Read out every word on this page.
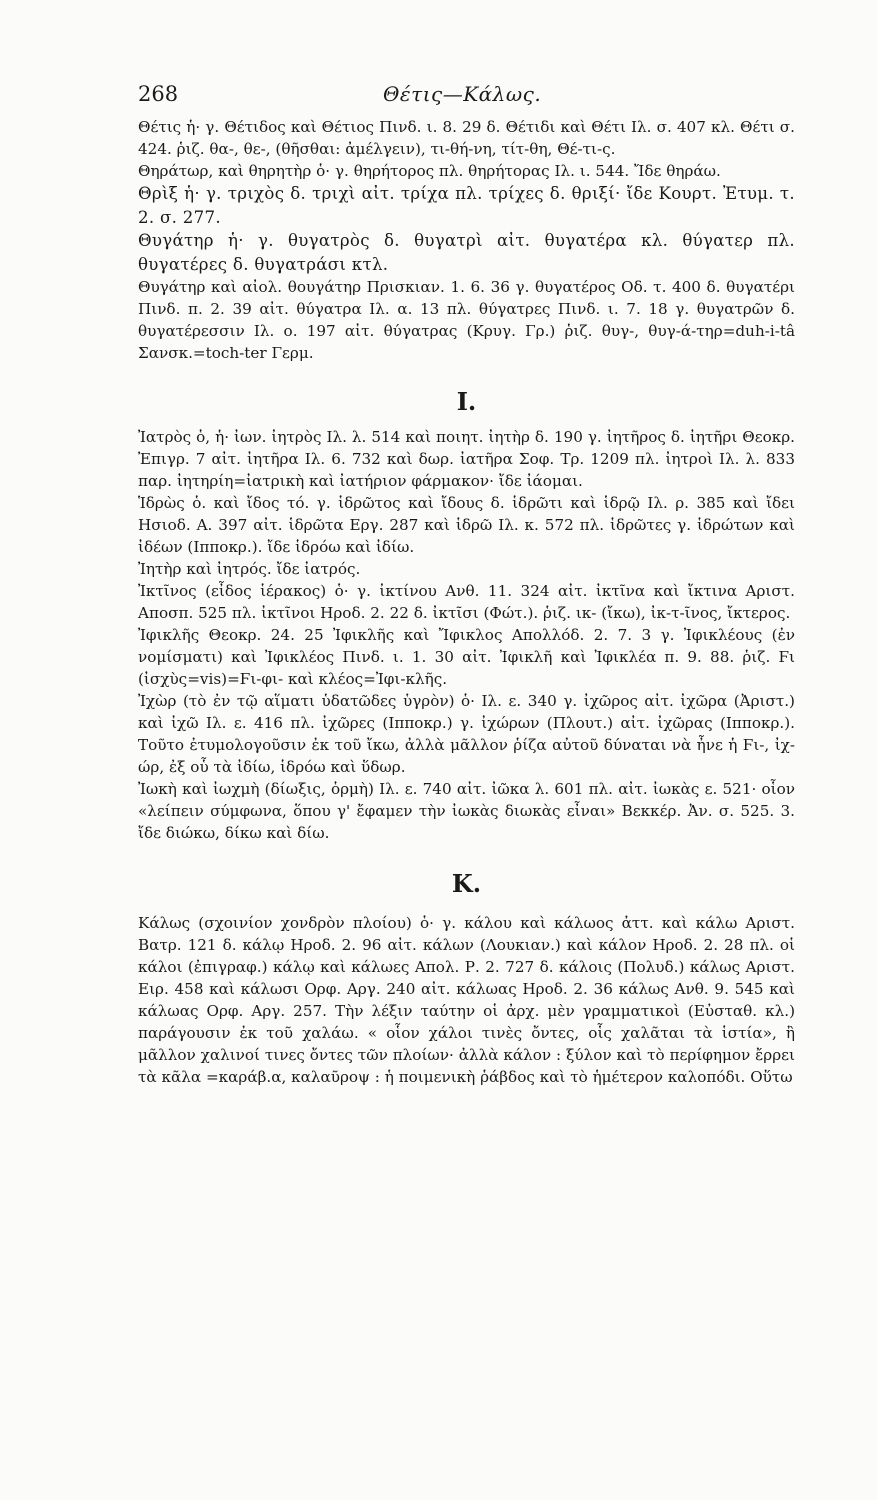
268	Θέτις—Κάλως.

Θέτις ἡ· γ. Θέτιδος καὶ Θέτιος Πινδ. ι. 8. 29 δ. Θέτιδι καὶ Θέτι Ιλ. σ. 407 κλ. Θέτι σ. 424. ῥιζ. θα-, θε-, (θῆσθαι: ἀμέλγειν), τι-θή-νη, τίτ-θη, Θέ-τι-ς.

Θηράτωρ, καὶ θηρητὴρ ὁ· γ. θηρήτορος πλ. θηρήτορας Ιλ. ι. 544. Ἴδε θηράω.

Θρὶξ ἡ· γ. τριχὸς δ. τριχὶ αἰτ. τρίχα πλ. τρίχες δ. θριξί· ἴδε Κουρτ. Ἐτυμ. τ. 2. σ. 277.

Θυγάτηρ ἡ· γ. θυγατρὸς δ. θυγατρὶ αἰτ. θυγατέρα κλ. θύγατερ πλ. θυγατέρες δ. θυγατράσι κτλ.

Θυγάτηρ καὶ αἰολ. θουγάτηρ Πρισκιαν. 1. 6. 36 γ. θυγατέρος Οδ. τ. 400 δ. θυγατέρι Πινδ. π. 2. 39 αἰτ. θύγατρα Ιλ. α. 13 πλ. θύγατρες Πινδ. ι. 7. 18 γ. θυγατρῶν δ. θυγατέρεσσιν Ιλ. ο. 197 αἰτ. θύγατρας (Κρυγ. Γρ.) ῥιζ. θυγ-, θυγ-ά-τηρ=duh-i-tâ Σανσκ.=toch-ter Γερμ.

I.

Ἰατρὸς ὁ, ἡ· ἰων. ἰητρὸς Ιλ. λ. 514 καὶ ποιητ. ἰητὴρ δ. 190 γ. ἰητῆρος δ. ἰητῆρι Θεοκρ. Ἐπιγρ. 7 αἰτ. ἰητῆρα Ιλ. 6. 732 καὶ δωρ. ἰατῆρα Σοφ. Τρ. 1209 πλ. ἰητροὶ Ιλ. λ. 833 παρ. ἰητηρίη=ἰατρικὴ καὶ ἰατήριον φάρμακον· ἴδε ἰάομαι.

Ἱδρὼς ὁ. καὶ ἴδος τό. γ. ἱδρῶτος καὶ ἴδους δ. ἱδρῶτι καὶ ἱδρῷ Ιλ. ρ. 385 καὶ ἴδει Ησιοδ. Α. 397 αἰτ. ἱδρῶτα Εργ. 287 καὶ ἱδρῶ Ιλ. κ. 572 πλ. ἱδρῶτες γ. ἱδρώτων καὶ ἰδέων (Ιπποκρ.). ἴδε ἱδρόω καὶ ἰδίω.

Ἰητὴρ καὶ ἰητρός. ἴδε ἰατρός.

Ἰκτῖνος (εἶδος ἱέρακος) ὁ· γ. ἰκτίνου Ανθ. 11. 324 αἰτ. ἰκτῖνα καὶ ἴκτινα Αριστ. Αποσπ. 525 πλ. ἰκτῖνοι Ηροδ. 2. 22 δ. ἰκτῖσι (Φώτ.). ῥιζ. ικ- (ἴκω), ἰκ-τ-ῖνος, ἴκτερος.

Ἰφικλῆς Θεοκρ. 24. 25 Ἰφικλῆς καὶ Ἴφικλος Απολλόδ. 2. 7. 3 γ. Ἰφικλέους (ἐν νομίσματι) καὶ Ἰφικλέος Πινδ. ι. 1. 30 αἰτ. Ἰφικλῆ καὶ Ἰφικλέα π. 9. 88. ῥιζ. Ϝι (ἰσχὺς=vis)=Ϝι-φι- καὶ κλέος=Ἰφι-κλῆς.

Ἰχὼρ (τὸ ἐν τῷ αἵματι ὑδατῶδες ὑγρὸν) ὁ· Ιλ. ε. 340 γ. ἰχῶρος αἰτ. ἰχῶρα (Ἀριστ.) καὶ ἰχῶ Ιλ. ε. 416 πλ. ἰχῶρες (Ιπποκρ.) γ. ἰχώρων (Πλουτ.) αἰτ. ἰχῶρας (Ιπποκρ.). Τοῦτο ἐτυμολογοῦσιν ἐκ τοῦ ἴκω, ἀλλὰ μᾶλλον ῥίζα αὐτοῦ δύναται νὰ ἦνε ἡ Ϝι-, ἰχ-ώρ, ἐξ οὗ τὰ ἰδίω, ἱδρόω καὶ ὕδωρ.

Ἰωκὴ καὶ ἰωχμὴ (δίωξις, ὁρμὴ) Ιλ. ε. 740 αἰτ. ἰῶκα λ. 601 πλ. αἰτ. ἰωκὰς ε. 521· οἷον «λείπειν σύμφωνα, ὅπου γ' ἔφαμεν τὴν ἰωκὰς διωκὰς εἶναι» Βεκκέρ. Ἀν. σ. 525. 3. ἴδε διώκω, δίκω καὶ δίω.

K.

Κάλως (σχοινίον χονδρὸν πλοίου) ὁ· γ. κάλου καὶ κάλωος ἀττ. καὶ κάλω Αριστ. Βατρ. 121 δ. κάλῳ Ηροδ. 2. 96 αἰτ. κάλων (Λουκιαν.) καὶ κάλον Ηροδ. 2. 28 πλ. οἱ κάλοι (ἐπιγραφ.) κάλῳ καὶ κάλωες Απολ. Ρ. 2. 727 δ. κάλοις (Πολυδ.) κάλως Αριστ. Ειρ. 458 καὶ κάλωσι Ορφ. Αργ. 240 αἰτ. κάλωας Ηροδ. 2. 36 κάλως Ανθ. 9. 545 καὶ κάλωας Ορφ. Αργ. 257. Τὴν λέξιν ταύτην οἱ ἀρχ. μὲν γραμματικοὶ (Εὐσταθ. κλ.) παράγουσιν ἐκ τοῦ χαλάω. « οἷον χάλοι τινὲς ὄντες, οἷς χαλᾶται τὰ ἱστία», ἢ μᾶλλον χαλινοί τινες ὄντες τῶν πλοίων· ἀλλὰ κάλον : ξύλον καὶ τὸ περίφημον ἔρρει τὰ κᾶλα =καράβ.α, καλαῦροψ : ἡ ποιμενικὴ ῥάβδος καὶ τὸ ἡμέτερον καλοπόδι. Οὕτω
